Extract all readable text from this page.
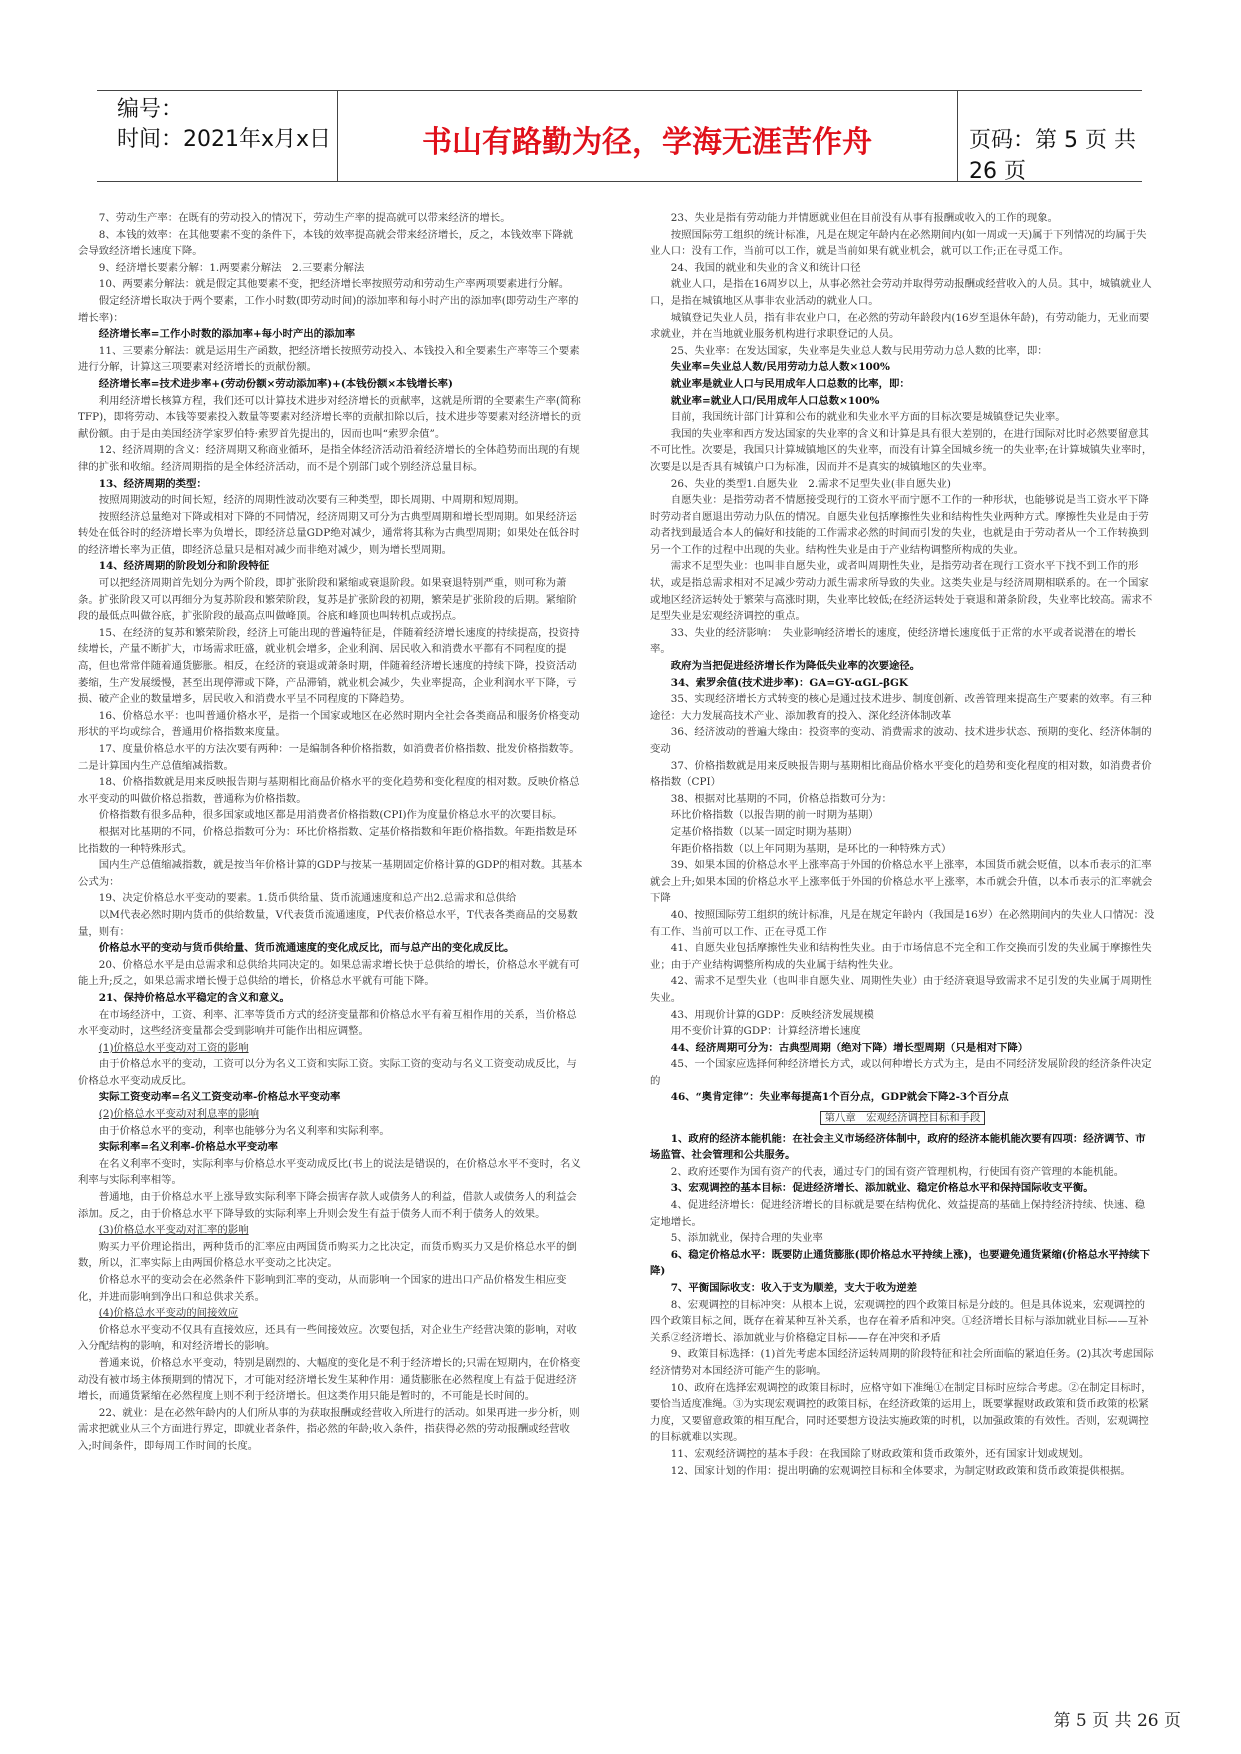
编号：
时间：2021年x月x日	书山有路勤为径，学海无涯苦作舟	页码：第 5 页 共 26 页

7、劳动生产率：在既有的劳动投入的情况下，劳动生产率的提高就可以带来经济的增长。

8、本钱的效率：在其他要素不变的条件下，本钱的效率提高就会带来经济增长，反之，本钱效率下降就会导致经济增长速度下降。

9、经济增长要素分解：1.两要素分解法　2.三要素分解法

10、两要素分解法：就是假定其他要素不变，把经济增长率按照劳动和劳动生产率两项要素进行分解。

假定经济增长取决于两个要素，工作小时数(即劳动时间)的添加率和每小时产出的添加率(即劳动生产率的增长率)：

经济增长率=工作小时数的添加率+每小时产出的添加率

11、三要素分解法：就是运用生产函数，把经济增长按照劳动投入、本钱投入和全要素生产率等三个要素进行分解，计算这三项要素对经济增长的贡献份额。

经济增长率=技术进步率+(劳动份额×劳动添加率)+(本钱份额×本钱增长率)

利用经济增长核算方程，我们还可以计算技术进步对经济增长的贡献率，这就是所谓的全要素生产率(简称TFP)，即将劳动、本钱等要素投入数量等要素对经济增长率的贡献扣除以后，技术进步等要素对经济增长的贡献份额。由于是由美国经济学家罗伯特·索罗首先提出的，因而也叫“索罗余值”。

12、经济周期的含义：经济周期又称商业循环，是指全体经济活动沿着经济增长的全体趋势而出现的有规律的扩张和收缩。经济周期指的是全体经济活动，而不是个别部门或个别经济总量目标。

13、经济周期的类型：

按照周期波动的时间长短，经济的周期性波动次要有三种类型，即长周期、中周期和短周期。

按照经济总量绝对下降或相对下降的不同情况，经济周期又可分为古典型周期和增长型周期。如果经济运转处在低谷时的经济增长率为负增长，即经济总量GDP绝对减少，通常将其称为古典型周期；如果处在低谷时的经济增长率为正值，即经济总量只是相对减少而非绝对减少，则为增长型周期。

14、经济周期的阶段划分和阶段特征

可以把经济周期首先划分为两个阶段，即扩张阶段和紧缩或衰退阶段。如果衰退特别严重，则可称为萧条。扩张阶段又可以再细分为复苏阶段和繁荣阶段，复苏是扩张阶段的初期，繁荣是扩张阶段的后期。紧缩阶段的最低点叫做谷底，扩张阶段的最高点叫做峰顶。谷底和峰顶也叫转机点或拐点。

15、在经济的复苏和繁荣阶段，经济上可能出现的普遍特征是，伴随着经济增长速度的持续提高，投资持续增长，产量不断扩大，市场需求旺盛，就业机会增多，企业利润、居民收入和消费水平都有不同程度的提高，但也常常伴随着通货膨胀。相反，在经济的衰退或萧条时期，伴随着经济增长速度的持续下降，投资活动萎缩，生产发展缓慢，甚至出现停滞或下降，产品滞销，就业机会减少，失业率提高，企业利润水平下降，亏损、破产企业的数量增多，居民收入和消费水平呈不同程度的下降趋势。

16、价格总水平：也叫普通价格水平，是指一个国家或地区在必然时期内全社会各类商品和服务价格变动形状的平均或综合，普通用价格指数来度量。

17、度量价格总水平的方法次要有两种：一是编制各种价格指数，如消费者价格指数、批发价格指数等。二是计算国内生产总值缩减指数。

18、价格指数就是用来反映报告期与基期相比商品价格水平的变化趋势和变化程度的相对数。反映价格总水平变动的叫做价格总指数，普通称为价格指数。

价格指数有很多品种，很多国家或地区都是用消费者价格指数(CPI)作为度量价格总水平的次要目标。

根据对比基期的不同，价格总指数可分为：环比价格指数、定基价格指数和年距价格指数。年距指数是环比指数的一种特殊形式。

国内生产总值缩减指数，就是按当年价格计算的GDP与按某一基期固定价格计算的GDP的相对数。其基本公式为：

19、决定价格总水平变动的要素。1.货币供给量、货币流通速度和总产出2.总需求和总供给

以M代表必然时期内货币的供给数量，V代表货币流通速度，P代表价格总水平，T代表各类商品的交易数量，则有：

价格总水平的变动与货币供给量、货币流通速度的变化成反比，而与总产出的变化成反比。

20、价格总水平是由总需求和总供给共同决定的。如果总需求增长快于总供给的增长，价格总水平就有可能上升;反之，如果总需求增长慢于总供给的增长，价格总水平就有可能下降。

21、保持价格总水平稳定的含义和意义。

在市场经济中，工资、利率、汇率等货币方式的经济变量都和价格总水平有着互相作用的关系，当价格总水平变动时，这些经济变量都会受到影响并可能作出相应调整。

(1)价格总水平变动对工资的影响

由于价格总水平的变动，工资可以分为名义工资和实际工资。实际工资的变动与名义工资变动成反比，与价格总水平变动成反比。

实际工资变动率=名义工资变动率-价格总水平变动率

(2)价格总水平变动对利息率的影响

由于价格总水平的变动，利率也能够分为名义利率和实际利率。

实际利率=名义利率-价格总水平变动率

在名义利率不变时，实际利率与价格总水平变动成反比(书上的说法是错误的，在价格总水平不变时，名义利率与实际利率相等。

普通地，由于价格总水平上涨导致实际利率下降会损害存款人或债务人的利益，借款人或债务人的利益会添加。反之，由于价格总水平下降导致的实际利率上升则会发生有益于债务人而不利于债务人的效果。

(3)价格总水平变动对汇率的影响

购买力平价理论指出，两种货币的汇率应由两国货币购买力之比决定，而货币购买力又是价格总水平的倒数，所以，汇率实际上由两国价格总水平变动之比决定。

价格总水平的变动会在必然条件下影响到汇率的变动，从而影响一个国家的进出口产品价格发生相应变化，并进而影响到净出口和总供求关系。

(4)价格总水平变动的间接效应

价格总水平变动不仅具有直接效应，还具有一些间接效应。次要包括，对企业生产经营决策的影响，对收入分配结构的影响，和对经济增长的影响。

普通来说，价格总水平变动，特别是剧烈的、大幅度的变化是不利于经济增长的;只需在短期内，在价格变动没有被市场主体预期到的情况下，才可能对经济增长发生某种作用：通货膨胀在必然程度上有益于促进经济增长，而通货紧缩在必然程度上则不利于经济增长。但这类作用只能是暂时的，不可能是长时间的。

22、就业：是在必然年龄内的人们所从事的为获取报酬或经营收入所进行的活动。如果再进一步分析，则需求把就业从三个方面进行界定，即就业者条件，指必然的年龄;收入条件，指获得必然的劳动报酬或经营收入;时间条件，即每周工作时间的长度。

23、失业是指有劳动能力并情愿就业但在目前没有从事有报酬或收入的工作的现象。

按照国际劳工组织的统计标准，凡是在规定年龄内在必然期间内(如一周或一天)属于下列情况的均属于失业人口：没有工作，当前可以工作，就是当前如果有就业机会，就可以工作;正在寻觅工作。

24、我国的就业和失业的含义和统计口径

就业人口，是指在16周岁以上，从事必然社会劳动并取得劳动报酬或经营收入的人员。其中，城镇就业人口，是指在城镇地区从事非农业活动的就业人口。

城镇登记失业人员，指有非农业户口，在必然的劳动年龄段内(16岁至退休年龄)，有劳动能力，无业而要求就业，并在当地就业服务机构进行求职登记的人员。

25、失业率：在发达国家，失业率是失业总人数与民用劳动力总人数的比率，即：

失业率=失业总人数/民用劳动力总人数×100%

就业率是就业人口与民用成年人口总数的比率，即：

就业率=就业人口/民用成年人口总数×100%

目前，我国统计部门计算和公布的就业和失业水平方面的目标次要是城镇登记失业率。

我国的失业率和西方发达国家的失业率的含义和计算是具有很大差别的，在进行国际对比时必然要留意其不可比性。次要是，我国只计算城镇地区的失业率，而没有计算全国城乡统一的失业率;在计算城镇失业率时，次要是以是否具有城镇户口为标准，因而并不是真实的城镇地区的失业率。

26、失业的类型1.自愿失业　2.需求不足型失业(非自愿失业)

自愿失业：是指劳动者不情愿接受现行的工资水平而宁愿不工作的一种形状，也能够说是当工资水平下降时劳动者自愿退出劳动力队伍的情况。自愿失业包括摩擦性失业和结构性失业两种方式。摩擦性失业是由于劳动者找到最适合本人的偏好和技能的工作需求必然的时间而引发的失业，也就是由于劳动者从一个工作转换到另一个工作的过程中出现的失业。结构性失业是由于产业结构调整所构成的失业。

需求不足型失业：也叫非自愿失业，或者叫周期性失业，是指劳动者在现行工资水平下找不到工作的形状，或是指总需求相对不足减少劳动力派生需求所导致的失业。这类失业是与经济周期相联系的。在一个国家或地区经济运转处于繁荣与高涨时期，失业率比较低;在经济运转处于衰退和萧条阶段，失业率比较高。需求不足型失业是宏观经济调控的重点。

33、失业的经济影响：　失业影响经济增长的速度，使经济增长速度低于正常的水平或者说潜在的增长率。

政府为当把促进经济增长作为降低失业率的次要途径。

34、索罗余值(技术进步率)：GA=GY-αGL-βGK

35、实现经济增长方式转变的核心是通过技术进步、制度创新、改善管理来提高生产要素的效率。有三种途径：大力发展高技术产业、添加教育的投入、深化经济体制改革

36、经济波动的普遍大缘由：投资率的变动、消费需求的波动、技术进步状态、预期的变化、经济体制的变动

37、价格指数就是用来反映报告期与基期相比商品价格水平变化的趋势和变化程度的相对数，如消费者价格指数（CPI）

38、根据对比基期的不同，价格总指数可分为：

环比价格指数（以报告期的前一时期为基期）

定基价格指数（以某一固定时期为基期）

年距价格指数（以上年同期为基期，是环比的一种特殊方式）

39、如果本国的价格总水平上涨率高于外国的价格总水平上涨率，本国货币就会贬值，以本币表示的汇率就会上升;如果本国的价格总水平上涨率低于外国的价格总水平上涨率，本币就会升值，以本币表示的汇率就会下降

40、按照国际劳工组织的统计标准，凡是在规定年龄内（我国是16岁）在必然期间内的失业人口情况：没有工作、当前可以工作、正在寻觅工作

41、自愿失业包括摩擦性失业和结构性失业。由于市场信息不完全和工作交换而引发的失业属于摩擦性失业；由于产业结构调整所构成的失业属于结构性失业。

42、需求不足型失业（也叫非自愿失业、周期性失业）由于经济衰退导致需求不足引发的失业属于周期性失业。

43、用现价计算的GDP：反映经济发展规模

用不变价计算的GDP：计算经济增长速度

44、经济周期可分为：古典型周期（绝对下降）增长型周期（只是相对下降）

45、一个国家应选择何种经济增长方式，或以何种增长方式为主，是由不同经济发展阶段的经济条件决定的

46、“奥肯定律”：失业率每提高1个百分点，GDP就会下降2-3个百分点

第八章　宏观经济调控目标和手段

1、政府的经济本能机能：在社会主义市场经济体制中，政府的经济本能机能次要有四项：经济调节、市场监管、社会管理和公共服务。

2、政府还要作为国有资产的代表，通过专门的国有资产管理机构，行使国有资产管理的本能机能。

3、宏观调控的基本目标：促进经济增长、添加就业、稳定价格总水平和保持国际收支平衡。

4、促进经济增长：促进经济增长的目标就是要在结构优化、效益提高的基础上保持经济持续、快速、稳定地增长。

5、添加就业，保持合理的失业率

6、稳定价格总水平：既要防止通货膨胀(即价格总水平持续上涨)，也要避免通货紧缩(价格总水平持续下降)

7、平衡国际收支：收入于支为顺差，支大于收为逆差

8、宏观调控的目标冲突：从根本上说，宏观调控的四个政策目标是分歧的。但是具体说来，宏观调控的四个政策目标之间，既存在着某种互补关系，也存在着矛盾和冲突。①经济增长目标与添加就业目标——互补关系②经济增长、添加就业与价格稳定目标——存在冲突和矛盾

9、政策目标选择：(1)首先考虑本国经济运转周期的阶段特征和社会所面临的紧迫任务。(2)其次考虑国际经济情势对本国经济可能产生的影响。

10、政府在选择宏观调控的政策目标时，应格守如下准绳①在制定目标时应综合考虑。②在制定目标时，要恰当适度准绳。③为实现宏观调控的政策目标，在经济政策的运用上，既要掌握财政政策和货币政策的松紧力度，又要留意政策的相互配合，同时还要想方设法实施政策的时机，以加强政策的有效性。否则，宏观调控的目标就难以实现。

11、宏观经济调控的基本手段：在我国除了财政政策和货币政策外，还有国家计划或规划。

12、国家计划的作用：提出明确的宏观调控目标和全体要求，为制定财政政策和货币政策提供根据。

第 5 页 共 26 页
